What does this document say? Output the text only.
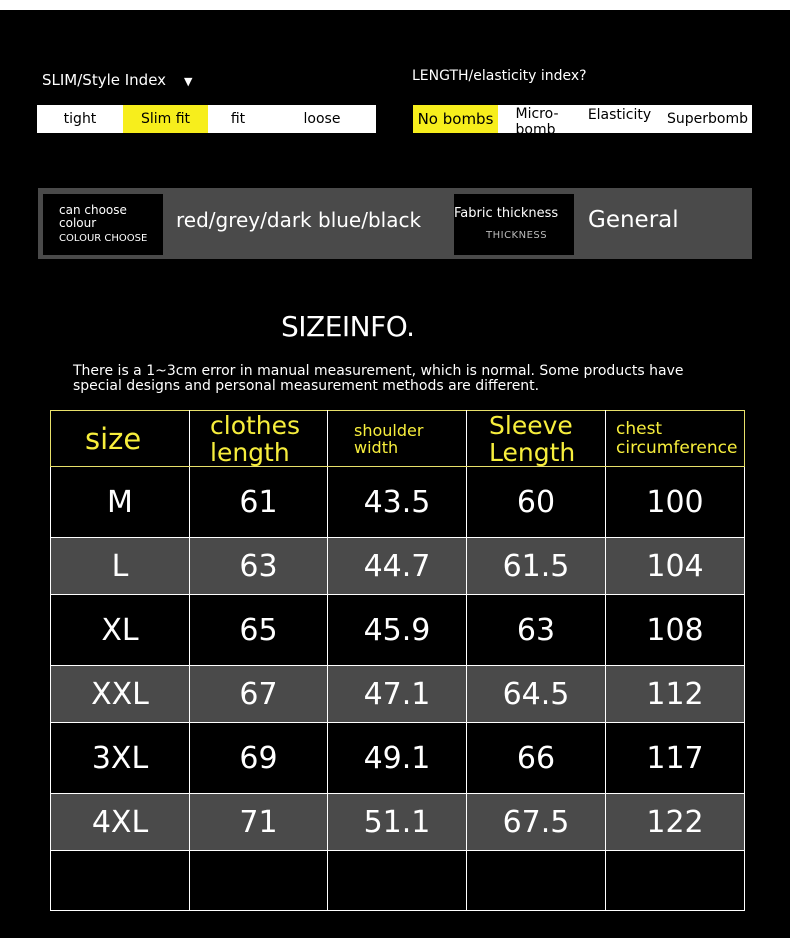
SLIM/Style Index ▼
tight	Slim fit	fit	loose
LENGTH/elasticity index?
No bombs	Micro-
bomb
Elasticity	Superbomb
can choose
colour
COLOUR CHOOSE
red/grey/dark blue/black	Fabric thickness
THICKNESS
General
SIZEINFO.
There is a 1~3cm error in manual measurement, which is normal. Some products have special designs and personal measurement methods are different.
size	clothes length	shoulder width	Sleeve Length	chest circumference
M	61	43.5	60	100
L	63	44.7	61.5	104
XL	65	45.9	63	108
XXL	67	47.1	64.5	112
3XL	69	49.1	66	117
4XL	71	51.1	67.5	122
